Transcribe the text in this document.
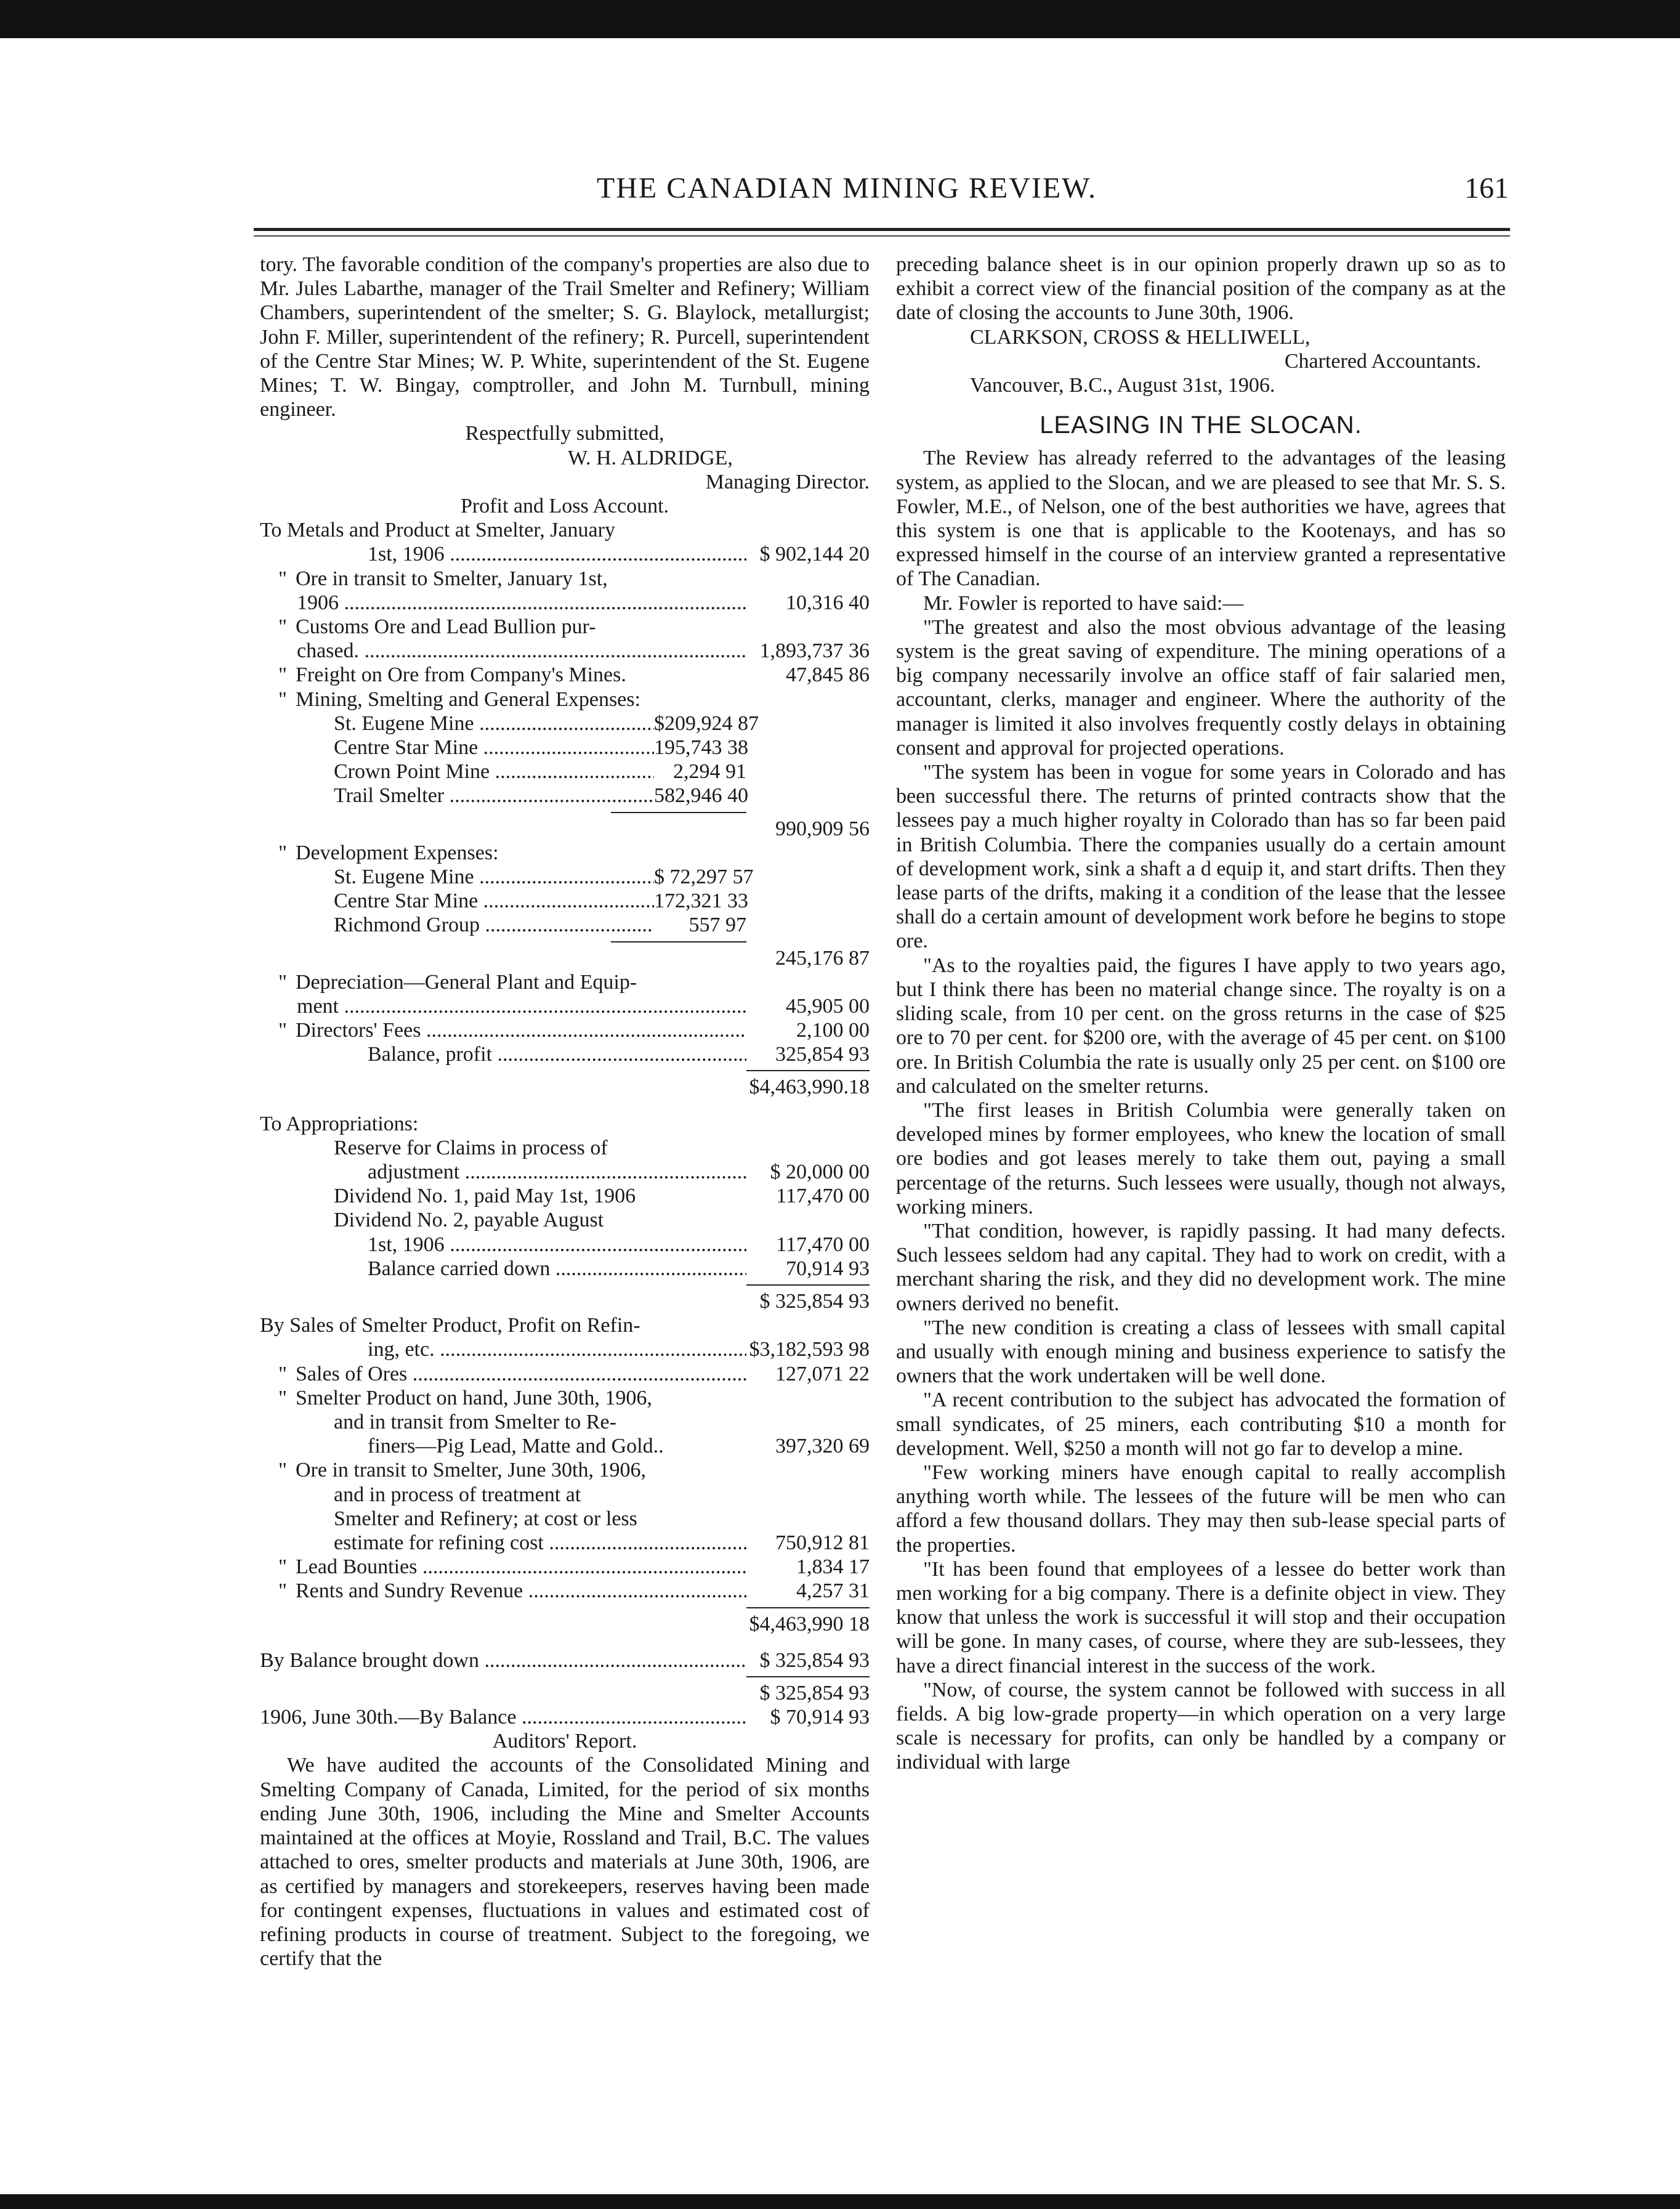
THE CANADIAN MINING REVIEW.	161

tory. The favorable condition of the company's properties are also due to Mr. Jules Labarthe, manager of the Trail Smelter and Refinery; William Chambers, superintendent of the smelter; S. G. Blaylock, metallurgist; John F. Miller, superintendent of the refinery; R. Purcell, superintendent of the Centre Star Mines; W. P. White, superintendent of the St. Eugene Mines; T. W. Bingay, comptroller, and John M. Turnbull, mining engineer.

Respectfully submitted,
W. H. ALDRIDGE,
Managing Director.
Profit and Loss Account.
To Metals and Product at Smelter, January
1st, 1906 .....	$ 902,144 20
" Ore in transit to Smelter, January 1st,
1906 .....	10,316 40
" Customs Ore and Lead Bullion pur-
chased. .....	1,893,737 36
" Freight on Ore from Company's Mines.	47,845 86
" Mining, Smelting and General Expenses:
St. Eugene Mine .....	$209,924 87
Centre Star Mine .....	195,743 38
Crown Point Mine .....	2,294 91
Trail Smelter .....	582,946 40
990,909 56
" Development Expenses:
St. Eugene Mine .....	$ 72,297 57
Centre Star Mine .....	172,321 33
Richmond Group .....	557 97
245,176 87
" Depreciation—General Plant and Equip-
ment .....	45,905 00
" Directors' Fees .....	2,100 00
Balance, profit .....	325,854 93
$4,463,990.18
To Appropriations:
Reserve for Claims in process of
adjustment .....	$ 20,000 00
Dividend No. 1, paid May 1st, 1906	117,470 00
Dividend No. 2, payable August
1st, 1906 .....	117,470 00
Balance carried down .....	70,914 93
$ 325,854 93
By Sales of Smelter Product, Profit on Refin-
ing, etc. .....	$3,182,593 98
" Sales of Ores .....	127,071 22
" Smelter Product on hand, June 30th, 1906,
and in transit from Smelter to Re-
finers—Pig Lead, Matte and Gold..	397,320 69
" Ore in transit to Smelter, June 30th, 1906,
and in process of treatment at
Smelter and Refinery; at cost or less
estimate for refining cost .....	750,912 81
" Lead Bounties .....	1,834 17
" Rents and Sundry Revenue .....	4,257 31
$4,463,990 18
By Balance brought down .....	$ 325,854 93
$ 325,854 93
1906, June 30th.—By Balance .....	$ 70,914 93
Auditors' Report.

We have audited the accounts of the Consolidated Mining and Smelting Company of Canada, Limited, for the period of six months ending June 30th, 1906, including the Mine and Smelter Accounts maintained at the offices at Moyie, Rossland and Trail, B.C. The values attached to ores, smelter products and materials at June 30th, 1906, are as certified by managers and storekeepers, reserves having been made for contingent expenses, fluctuations in values and estimated cost of refining products in course of treatment. Subject to the foregoing, we certify that the

preceding balance sheet is in our opinion properly drawn up so as to exhibit a correct view of the financial position of the company as at the date of closing the accounts to June 30th, 1906.

CLARKSON, CROSS & HELLIWELL,
Chartered Accountants.
Vancouver, B.C., August 31st, 1906.
LEASING IN THE SLOCAN.

The Review has already referred to the advantages of the leasing system, as applied to the Slocan, and we are pleased to see that Mr. S. S. Fowler, M.E., of Nelson, one of the best authorities we have, agrees that this system is one that is applicable to the Kootenays, and has so expressed himself in the course of an interview granted a representative of The Canadian.

Mr. Fowler is reported to have said:—

"The greatest and also the most obvious advantage of the leasing system is the great saving of expenditure. The mining operations of a big company necessarily involve an office staff of fair salaried men, accountant, clerks, manager and engineer. Where the authority of the manager is limited it also involves frequently costly delays in obtaining consent and approval for projected operations.

"The system has been in vogue for some years in Colorado and has been successful there. The returns of printed contracts show that the lessees pay a much higher royalty in Colorado than has so far been paid in British Columbia. There the companies usually do a certain amount of development work, sink a shaft a d equip it, and start drifts. Then they lease parts of the drifts, making it a condition of the lease that the lessee shall do a certain amount of development work before he begins to stope ore.

"As to the royalties paid, the figures I have apply to two years ago, but I think there has been no material change since. The royalty is on a sliding scale, from 10 per cent. on the gross returns in the case of $25 ore to 70 per cent. for $200 ore, with the average of 45 per cent. on $100 ore. In British Columbia the rate is usually only 25 per cent. on $100 ore and calculated on the smelter returns.

"The first leases in British Columbia were generally taken on developed mines by former employees, who knew the location of small ore bodies and got leases merely to take them out, paying a small percentage of the returns. Such lessees were usually, though not always, working miners.

"That condition, however, is rapidly passing. It had many defects. Such lessees seldom had any capital. They had to work on credit, with a merchant sharing the risk, and they did no development work. The mine owners derived no benefit.

"The new condition is creating a class of lessees with small capital and usually with enough mining and business experience to satisfy the owners that the work undertaken will be well done.

"A recent contribution to the subject has advocated the formation of small syndicates, of 25 miners, each contributing $10 a month for development. Well, $250 a month will not go far to develop a mine.

"Few working miners have enough capital to really accomplish anything worth while. The lessees of the future will be men who can afford a few thousand dollars. They may then sub-lease special parts of the properties.

"It has been found that employees of a lessee do better work than men working for a big company. There is a definite object in view. They know that unless the work is successful it will stop and their occupation will be gone. In many cases, of course, where they are sub-lessees, they have a direct financial interest in the success of the work.

"Now, of course, the system cannot be followed with success in all fields. A big low-grade property—in which operation on a very large scale is necessary for profits, can only be handled by a company or individual with large
